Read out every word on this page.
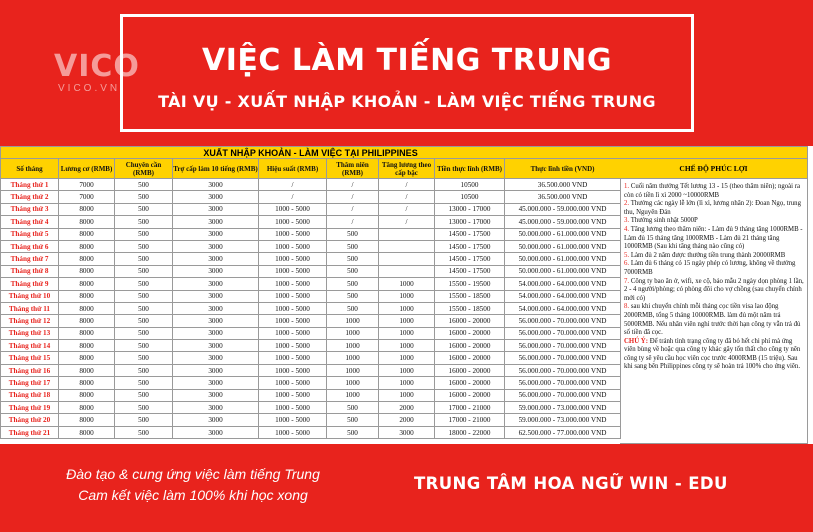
VICO
VICO.VN
VIỆC LÀM TIẾNG TRUNG
TÀI VỤ - XUẤT NHẬP KHOẢN - LÀM VIỆC TIẾNG TRUNG
XUẤT NHẬP KHOẢN - LÀM VIỆC TẠI PHILIPPINES								
Số tháng	Lương cơ (RMB)	Chuyên cần (RMB)	Trợ cấp làm 10 tiếng (RMB)	Hiệu suất (RMB)	Thâm niên (RMB)	Tăng lương theo cấp bậc	Tiền thực lĩnh (RMB)	Thực lĩnh tiền (VND)
Tháng thứ 1	7000	500	3000	/	/	/	10500	36.500.000 VND
Tháng thứ 2	7000	500	3000	/	/	/	10500	36.500.000 VND
Tháng thứ 3	8000	500	3000	1000 - 5000	/	/	13000 - 17000	45.000.000 - 59.000.000 VND
Tháng thứ 4	8000	500	3000	1000 - 5000	/	/	13000 - 17000	45.000.000 - 59.000.000 VND
Tháng thứ 5	8000	500	3000	1000 - 5000	500		14500 - 17500	50.000.000 - 61.000.000 VND
Tháng thứ 6	8000	500	3000	1000 - 5000	500		14500 - 17500	50.000.000 - 61.000.000 VND
Tháng thứ 7	8000	500	3000	1000 - 5000	500		14500 - 17500	50.000.000 - 61.000.000 VND
Tháng thứ 8	8000	500	3000	1000 - 5000	500		14500 - 17500	50.000.000 - 61.000.000 VND
Tháng thứ 9	8000	500	3000	1000 - 5000	500	1000	15500 - 19500	54.000.000 - 64.000.000 VND
Tháng thứ 10	8000	500	3000	1000 - 5000	500	1000	15500 - 18500	54.000.000 - 64.000.000 VND
Tháng thứ 11	8000	500	3000	1000 - 5000	500	1000	15500 - 18500	54.000.000 - 64.000.000 VND
Tháng thứ 12	8000	500	3000	1000 - 5000	1000	1000	16000 - 20000	56.000.000 - 70.000.000 VND
Tháng thứ 13	8000	500	3000	1000 - 5000	1000	1000	16000 - 20000	56.000.000 - 70.000.000 VND
Tháng thứ 14	8000	500	3000	1000 - 5000	1000	1000	16000 - 20000	56.000.000 - 70.000.000 VND
Tháng thứ 15	8000	500	3000	1000 - 5000	1000	1000	16000 - 20000	56.000.000 - 70.000.000 VND
Tháng thứ 16	8000	500	3000	1000 - 5000	1000	1000	16000 - 20000	56.000.000 - 70.000.000 VND
Tháng thứ 17	8000	500	3000	1000 - 5000	1000	1000	16000 - 20000	56.000.000 - 70.000.000 VND
Tháng thứ 18	8000	500	3000	1000 - 5000	1000	1000	16000 - 20000	56.000.000 - 70.000.000 VND
Tháng thứ 19	8000	500	3000	1000 - 5000	500	2000	17000 - 21000	59.000.000 - 73.000.000 VND
Tháng thứ 20	8000	500	3000	1000 - 5000	500	2000	17000 - 21000	59.000.000 - 73.000.000 VND
Tháng thứ 21	8000	500	3000	1000 - 5000	500	3000	18000 - 22000	62.500.000 - 77.000.000 VND
CHẾ ĐỘ PHÚC LỢI

1. Cuối năm thưởng Tết lương 13 - 15 (theo thâm niên); ngoài ra còn có tiền lì xì 2000 ~10000RMB

2. Thưởng các ngày lễ lớn (lì xì, lương nhân 2): Đoan Ngọ, trung thu, Nguyên Đán

3. Thưởng sinh nhật 5000P

4. Tăng lương theo thâm niên: - Làm đủ 9 tháng tăng 1000RMB - Làm đủ 15 tháng tăng 1000RMB - Làm đủ 21 tháng tăng 1000RMB (Sau khi tăng tháng nào cũng có)

5. Làm đủ 2 năm được thưởng tiền trung thành 20000RMB

6. Làm đủ 6 tháng có 15 ngày phép có lương, không về thưởng 7000RMB

7. Công ty bao ăn ở, wifi, xe cộ, bảo mẫu 2 ngày dọn phòng 1 lần, 2 - 4 người/phòng; có phòng đôi cho vợ chồng (sau chuyển chính mới có)

8. sau khi chuyển chính mỗi tháng cọc tiền visa lao động 2000RMB, tổng 5 tháng 10000RMB. làm đủ một năm trả 5000RMB. Nếu nhân viên nghỉ trước thời hạn công ty vẫn trả đủ số tiền đã cọc.

CHÚ Ý: Để tránh tình trạng công ty đã bỏ hết chi phí mà ứng viên bùng về hoặc qua công ty khác gây tổn thất cho công ty nên công ty sẽ yêu cầu học viên cọc trước 4000RMB (15 triệu). Sau khi sang bên Philippines công ty sẽ hoàn trả 100% cho ứng viên.

Đào tạo & cung ứng việc làm tiếng Trung
Cam kết việc làm 100% khi học xong
TRUNG TÂM HOA NGỮ WIN - EDU
